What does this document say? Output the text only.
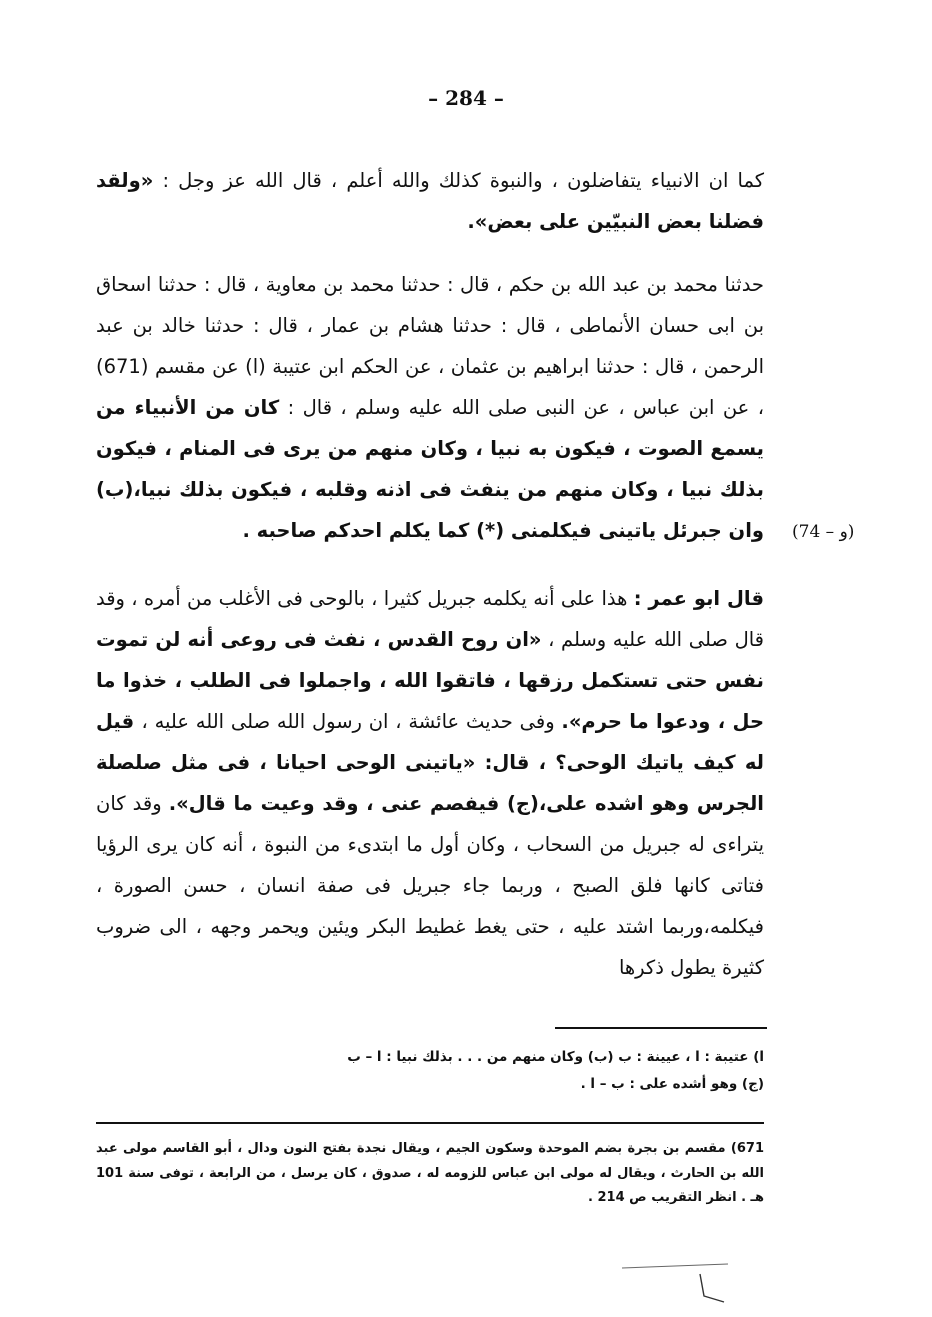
– 284 –

كما ان الانبياء يتفاضلون ، والنبوة كذلك والله أعلم ، قال الله عز وجل : «ولقد فضلنا بعض النبيّين على بعض».

حدثنا محمد بن عبد الله بن حكم ، قال : حدثنا محمد بن معاوية ، قال : حدثنا اسحاق بن ابى حسان الأنماطى ، قال : حدثنا هشام بن عمار ، قال : حدثنا خالد بن عبد الرحمن ، قال : حدثنا ابراهيم بن عثمان ، عن الحكم ابن عتيبة (ا) عن مقسم (671) ، عن ابن عباس ، عن النبى صلى الله عليه وسلم ، قال : كان من الأنبياء من يسمع الصوت ، فيكون به نبيا ، وكان منهم من يرى فى المنام ، فيكون بذلك نبيا ، وكان منهم من ينفث فى اذنه وقلبه ، فيكون بذلك نبيا،(ب) وان جبرئل ياتينى فيكلمنى (*) كما يكلم احدكم صاحبه . (74 – و)

قال ابو عمر : هذا على أنه يكلمه جبريل كثيرا ، بالوحى فى الأغلب من أمره ، وقد قال صلى الله عليه وسلم ، «ان روح القدس ، نفث فى روعى أنه لن تموت نفس حتى تستكمل رزقها ، فاتقوا الله ، واجملوا فى الطلب ، خذوا ما حل ، ودعوا ما حرم». وفى حديث عائشة ، ان رسول الله صلى الله عليه ، قيل له كيف ياتيك الوحى؟ ، قال: «ياتينى الوحى احيانا ، فى مثل صلصلة الجرس وهو اشده على،(ج) فيفصم عنى ، وقد وعيت ما قال». وقد كان يتراءى له جبريل من السحاب ، وكان أول ما ابتدىء من النبوة ، أنه كان يرى الرؤيا فتاتى كانها فلق الصبح ، وربما جاء جبريل فى صفة انسان ، حسن الصورة ، فيكلمه،وربما اشتد عليه ، حتى يغط غطيط البكر ويئين ويحمر وجهه ، الى ضروب كثيرة يطول ذكرها

ا) عتيبة : ا ، عيينة : ب (ب) وكان منهم من . . . بذلك نبيا : ا – ب
(ج) وهو أشده على : ب – ا .
671) مقسم بن بجرة بضم الموحدة وسكون الجيم ، ويقال نجدة بفتح النون ودال ، أبو القاسم مولى عبد الله بن الحارث ، ويقال له مولى ابن عباس للزومه له ، صدوق ، كان يرسل ، من الرابعة ، توفى سنة 101 هـ . انظر التقريب ص 214 .
